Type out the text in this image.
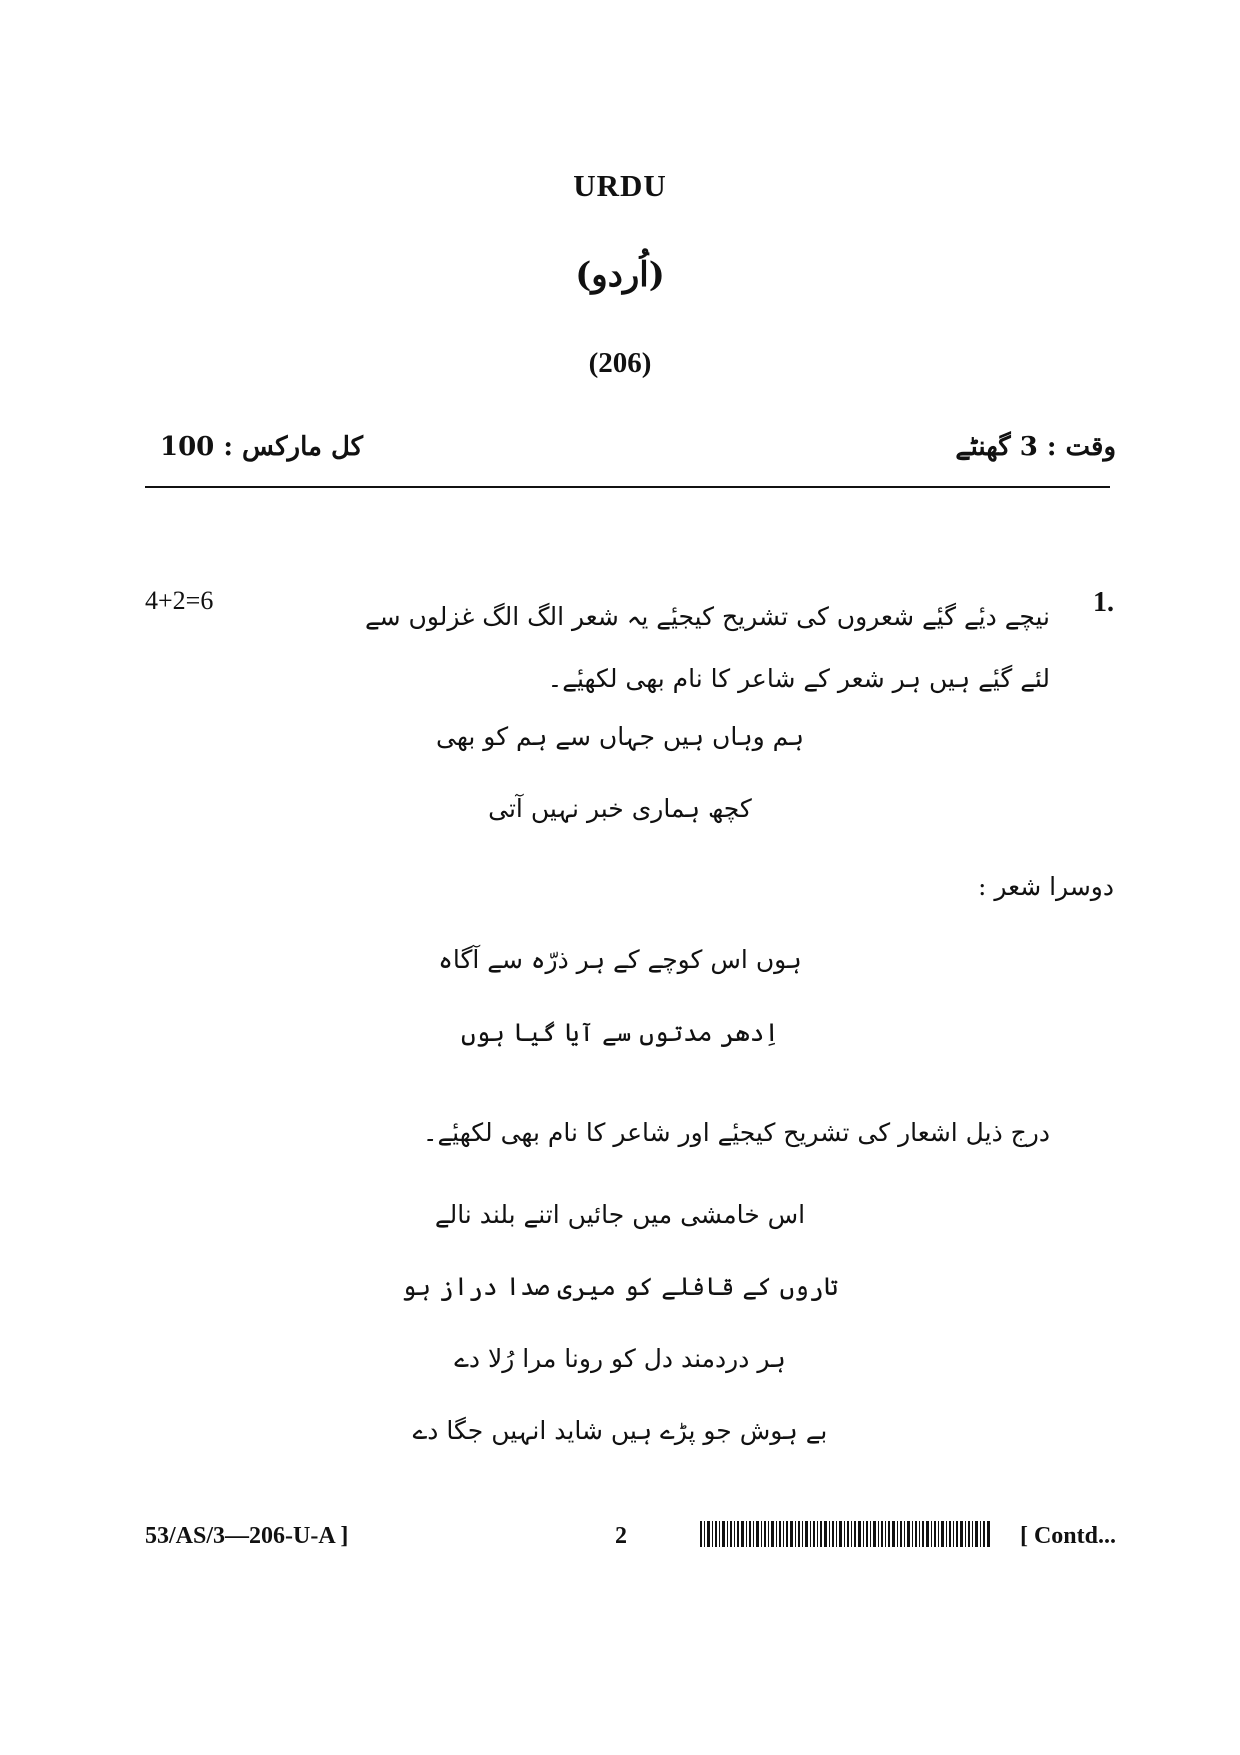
URDU
(اُردو)
(206)
کل مارکس : 100	وقت : 3 گھنٹے
1.
نیچے دیٔے گیٔے شعروں کی تشریح کیجیٔے یہ شعر الگ الگ غزلوں سے لئے گیٔے ہیں ہر شعر کے شاعر کا نام بھی لکھیٔے۔
4+2=6
ہم وہاں ہیں جہاں سے ہم کو بھی
کچھ ہماری خبر نہیں آتی
دوسرا شعر :
ہوں اس کوچے کے ہر ذرّہ سے آگاہ
اِدھر مدتوں سے آیا گیا ہوں
درج ذیل اشعار کی تشریح کیجیٔے اور شاعر کا نام بھی لکھیٔے۔
اس خامشی میں جائیں اتنے بلند نالے
تاروں کے قافلے کو میری صدا دراز ہو
ہر دردمند دل کو رونا مرا رُلا دے
بے ہوش جو پڑے ہیں شاید انہیں جگا دے
53/AS/3—206-U-A ]	2	[ Contd...
